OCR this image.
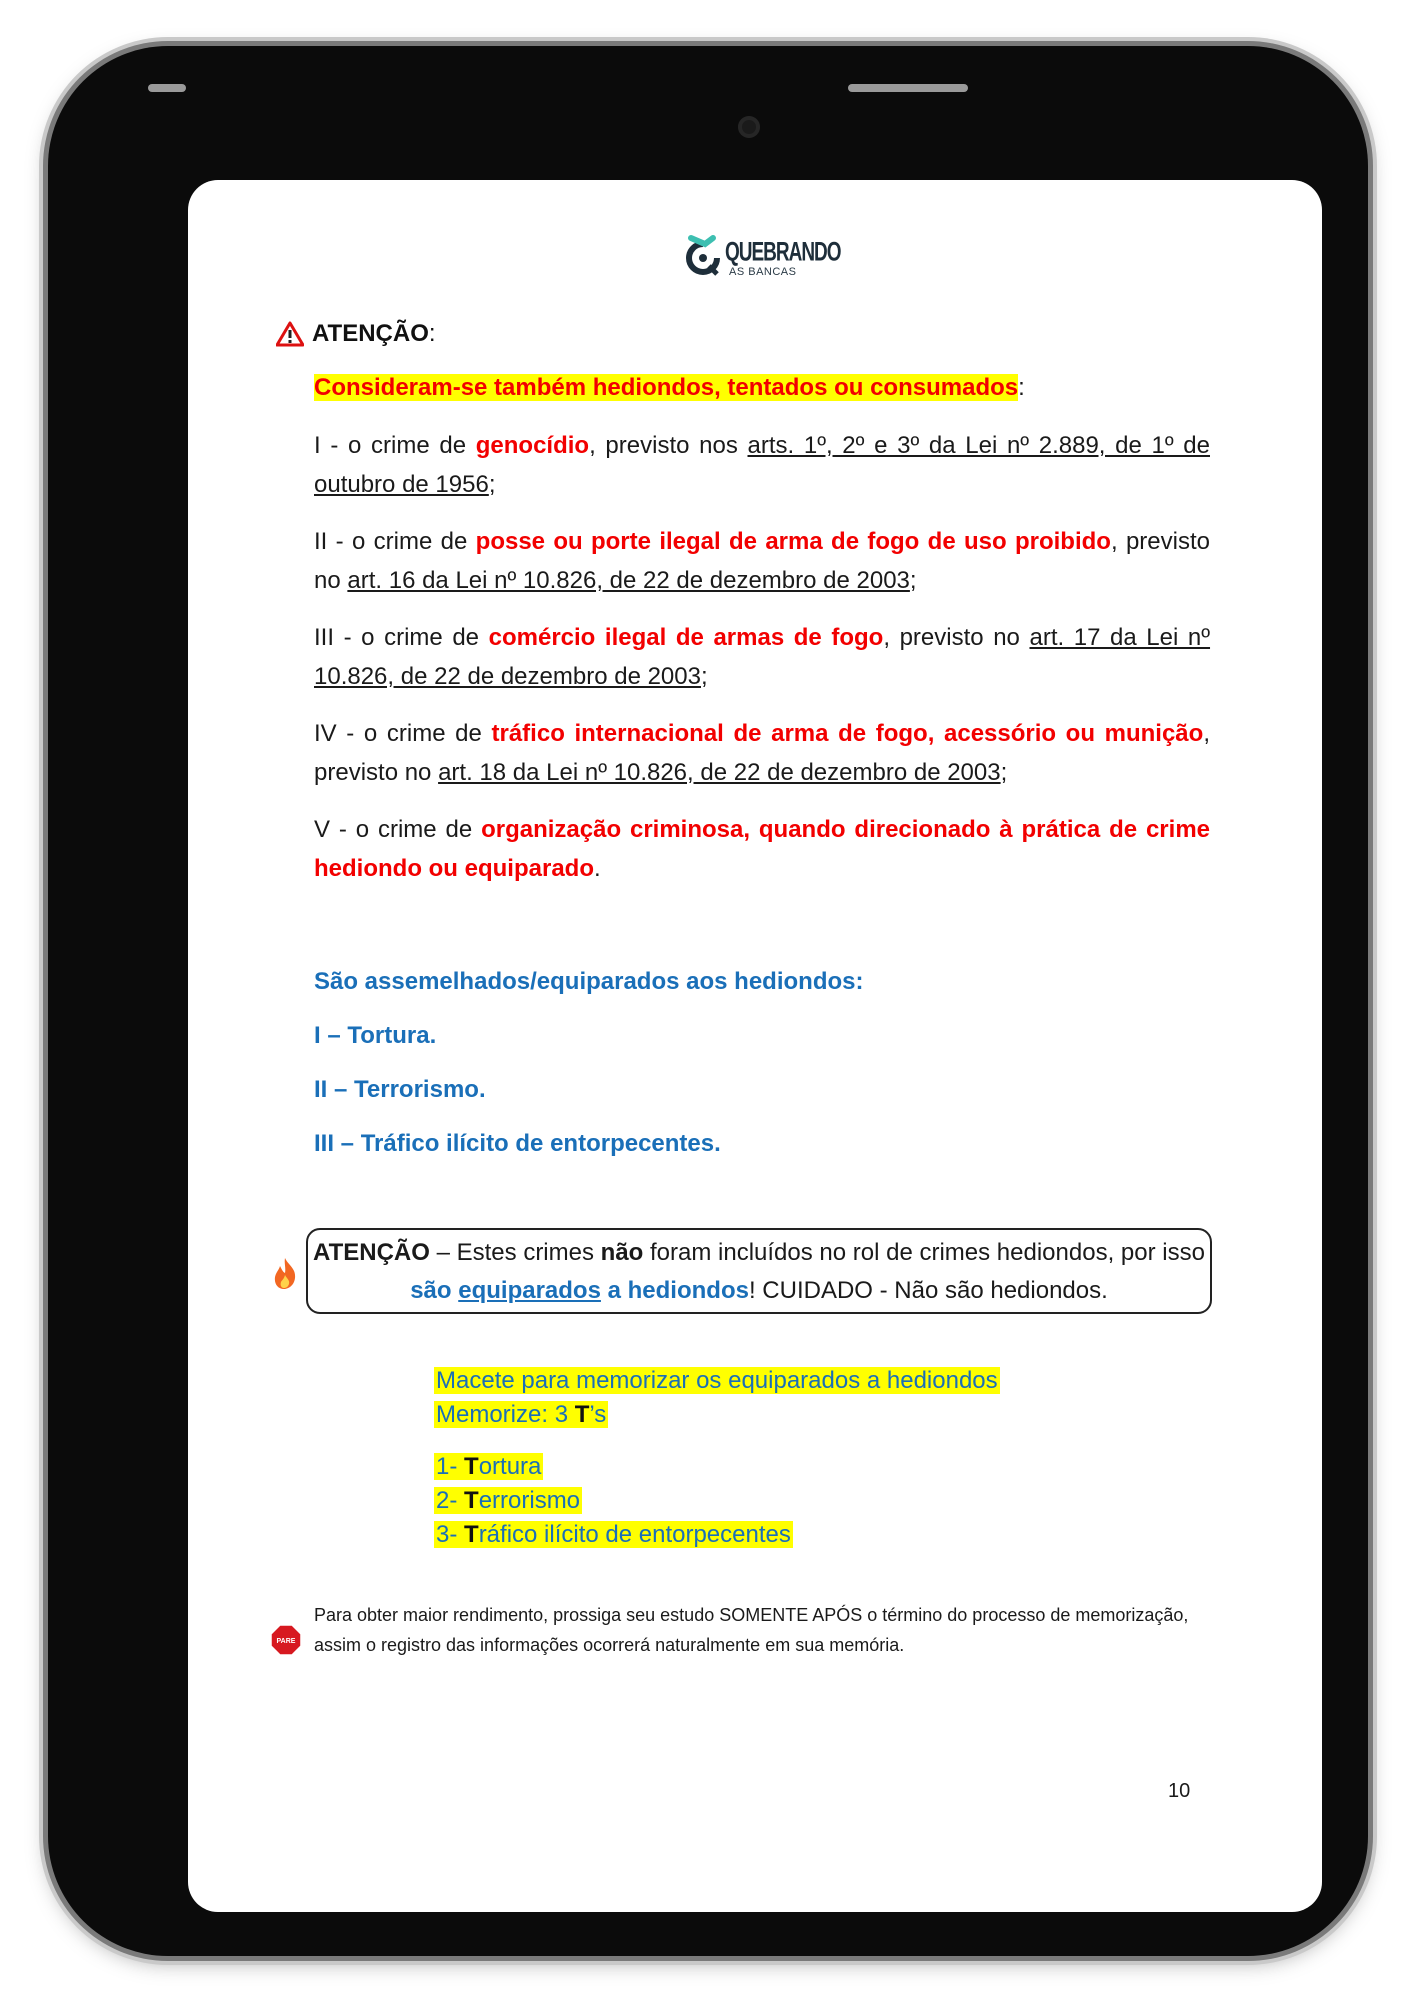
QUEBRANDO
AS BANCAS
ATENÇÃO:
Consideram-se também hediondos, tentados ou consumados:
I - o crime de genocídio, previsto nos arts. 1º, 2º e 3º da Lei nº 2.889, de 1º de outubro de 1956;
II - o crime de posse ou porte ilegal de arma de fogo de uso proibido, previsto no art. 16 da Lei nº 10.826, de 22 de dezembro de 2003;
III - o crime de comércio ilegal de armas de fogo, previsto no art. 17 da Lei nº 10.826, de 22 de dezembro de 2003;
IV - o crime de tráfico internacional de arma de fogo, acessório ou munição, previsto no art. 18 da Lei nº 10.826, de 22 de dezembro de 2003;
V - o crime de organização criminosa, quando direcionado à prática de crime hediondo ou equiparado.
São assemelhados/equiparados aos hediondos:
I – Tortura.
II – Terrorismo.
III – Tráfico ilícito de entorpecentes.
ATENÇÃO – Estes crimes não foram incluídos no rol de crimes hediondos, por isso são equiparados a hediondos! CUIDADO - Não são hediondos.
Macete para memorizar os equiparados a hediondos
Memorize: 3 T’s
1- Tortura
2- Terrorismo
3- Tráfico ilícito de entorpecentes
PARE
Para obter maior rendimento, prossiga seu estudo SOMENTE APÓS o término do processo de memorização, assim o registro das informações ocorrerá naturalmente em sua memória.
10
